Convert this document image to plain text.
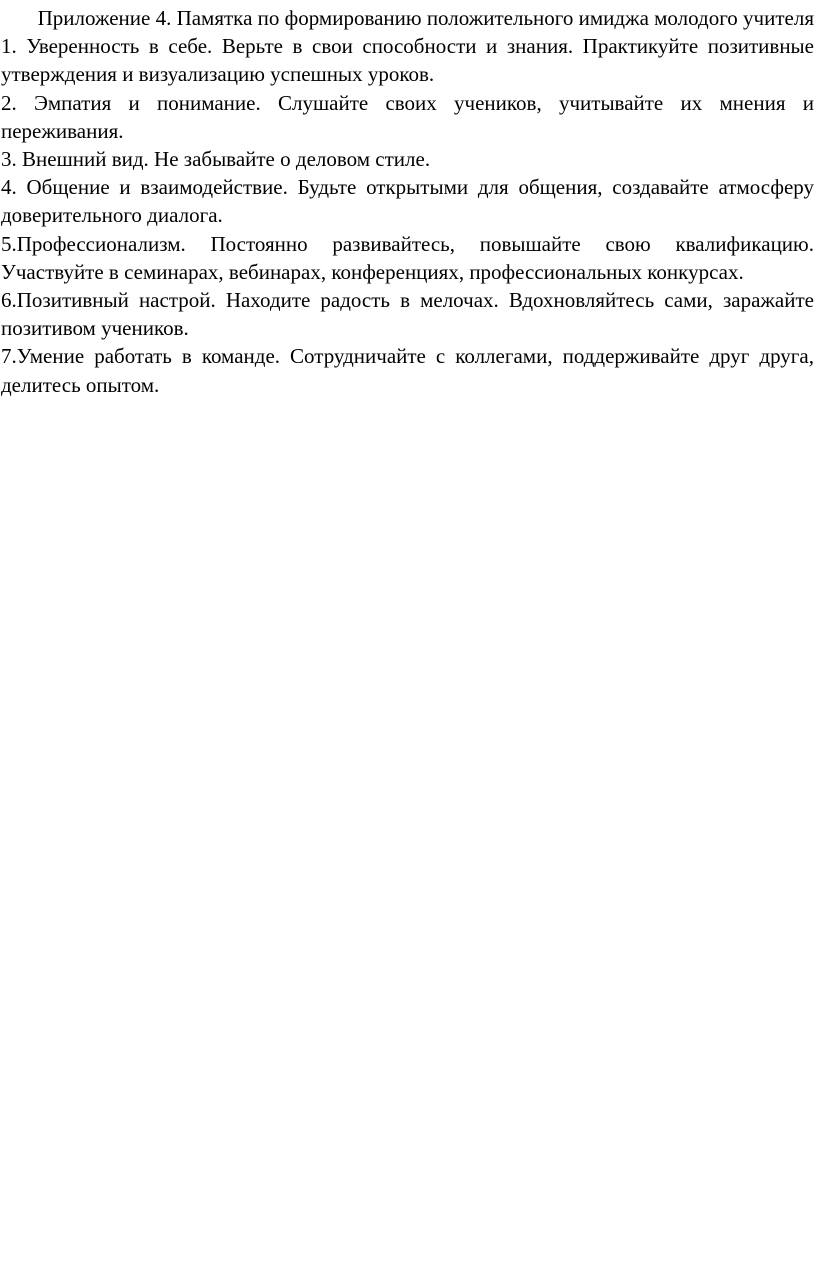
Приложение 4. Памятка по формированию положительного имиджа молодого учителя

1. Уверенность в себе. Верьте в свои способности и знания. Практикуйте позитивные утверждения и визуализацию успешных уроков.

2. Эмпатия и понимание. Слушайте своих учеников, учитывайте их мнения и переживания.

3. Внешний вид. Не забывайте о деловом стиле.

4. Общение и взаимодействие. Будьте открытыми для общения, создавайте атмосферу доверительного диалога.

5.Профессионализм. Постоянно развивайтесь, повышайте свою квалификацию. Участвуйте в семинарах, вебинарах, конференциях, профессиональных конкурсах.

6.Позитивный настрой. Находите радость в мелочах. Вдохновляйтесь сами, заражайте позитивом учеников.

7.Умение работать в команде. Сотрудничайте с коллегами, поддерживайте друг друга, делитесь опытом.
